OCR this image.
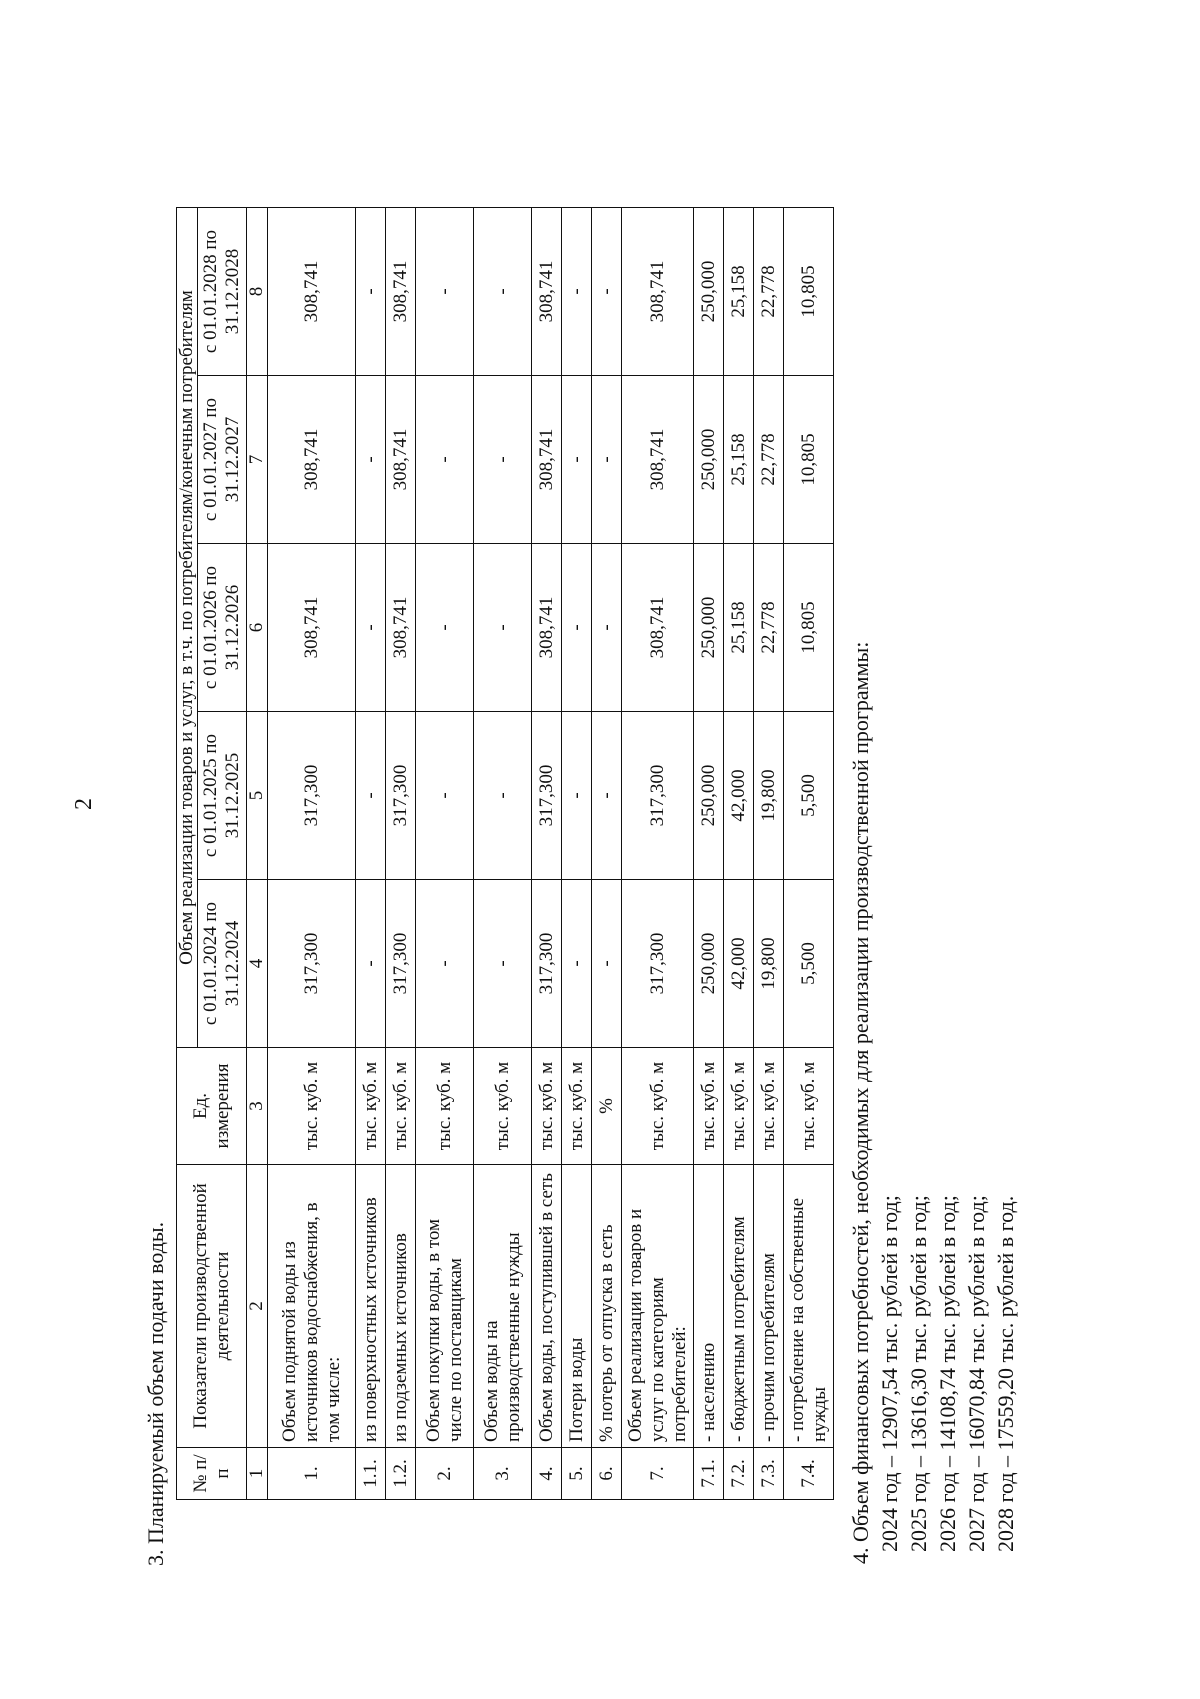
2
3. Планируемый объем подачи воды. № п/п	Показатели производственной деятельности	Ед. измерения	Объем реализации товаров и услуг, в т.ч. по потребителям/конечным потребителям				
			с 01.01.2024 по 31.12.2024	с 01.01.2025 по 31.12.2025	с 01.01.2026 по 31.12.2026	с 01.01.2027 по 31.12.2027	с 01.01.2028 по 31.12.2028
1	2	3	4	5	6	7	8
1.	Объем поднятой воды из источников водоснабжения, в том числе:	тыс. куб. м	317,300	317,300	308,741	308,741	308,741
1.1.	из поверхностных источников	тыс. куб. м	-	-	-	-	-
1.2.	из подземных источников	тыс. куб. м	317,300	317,300	308,741	308,741	308,741
2.	Объем покупки воды, в том числе по поставщикам	тыс. куб. м	-	-	-	-	-
3.	Объем воды на производственные нужды	тыс. куб. м	-	-	-	-	-
4.	Объем воды, поступившей в сеть	тыс. куб. м	317,300	317,300	308,741	308,741	308,741
5.	Потери воды	тыс. куб. м	-	-	-	-	-
6.	% потерь от отпуска в сеть	%	-	-	-	-	-
7.	Объем реализации товаров и услуг по категориям потребителей:	тыс. куб. м	317,300	317,300	308,741	308,741	308,741
7.1.	- населению	тыс. куб. м	250,000	250,000	250,000	250,000	250,000
7.2.	- бюджетным потребителям	тыс. куб. м	42,000	42,000	25,158	25,158	25,158
7.3.	- прочим потребителям	тыс. куб. м	19,800	19,800	22,778	22,778	22,778
7.4.	- потребление на собственные нужды	тыс. куб. м	5,500	5,500	10,805	10,805	10,805
4. Объем финансовых потребностей, необходимых для реализации производственной программы: 2024 год – 12907,54 тыс. рублей в год; 2025 год – 13616,30 тыс. рублей в год; 2026 год – 14108,74 тыс. рублей в год; 2027 год – 16070,84 тыс. рублей в год; 2028 год – 17559,20 тыс. рублей в год.
